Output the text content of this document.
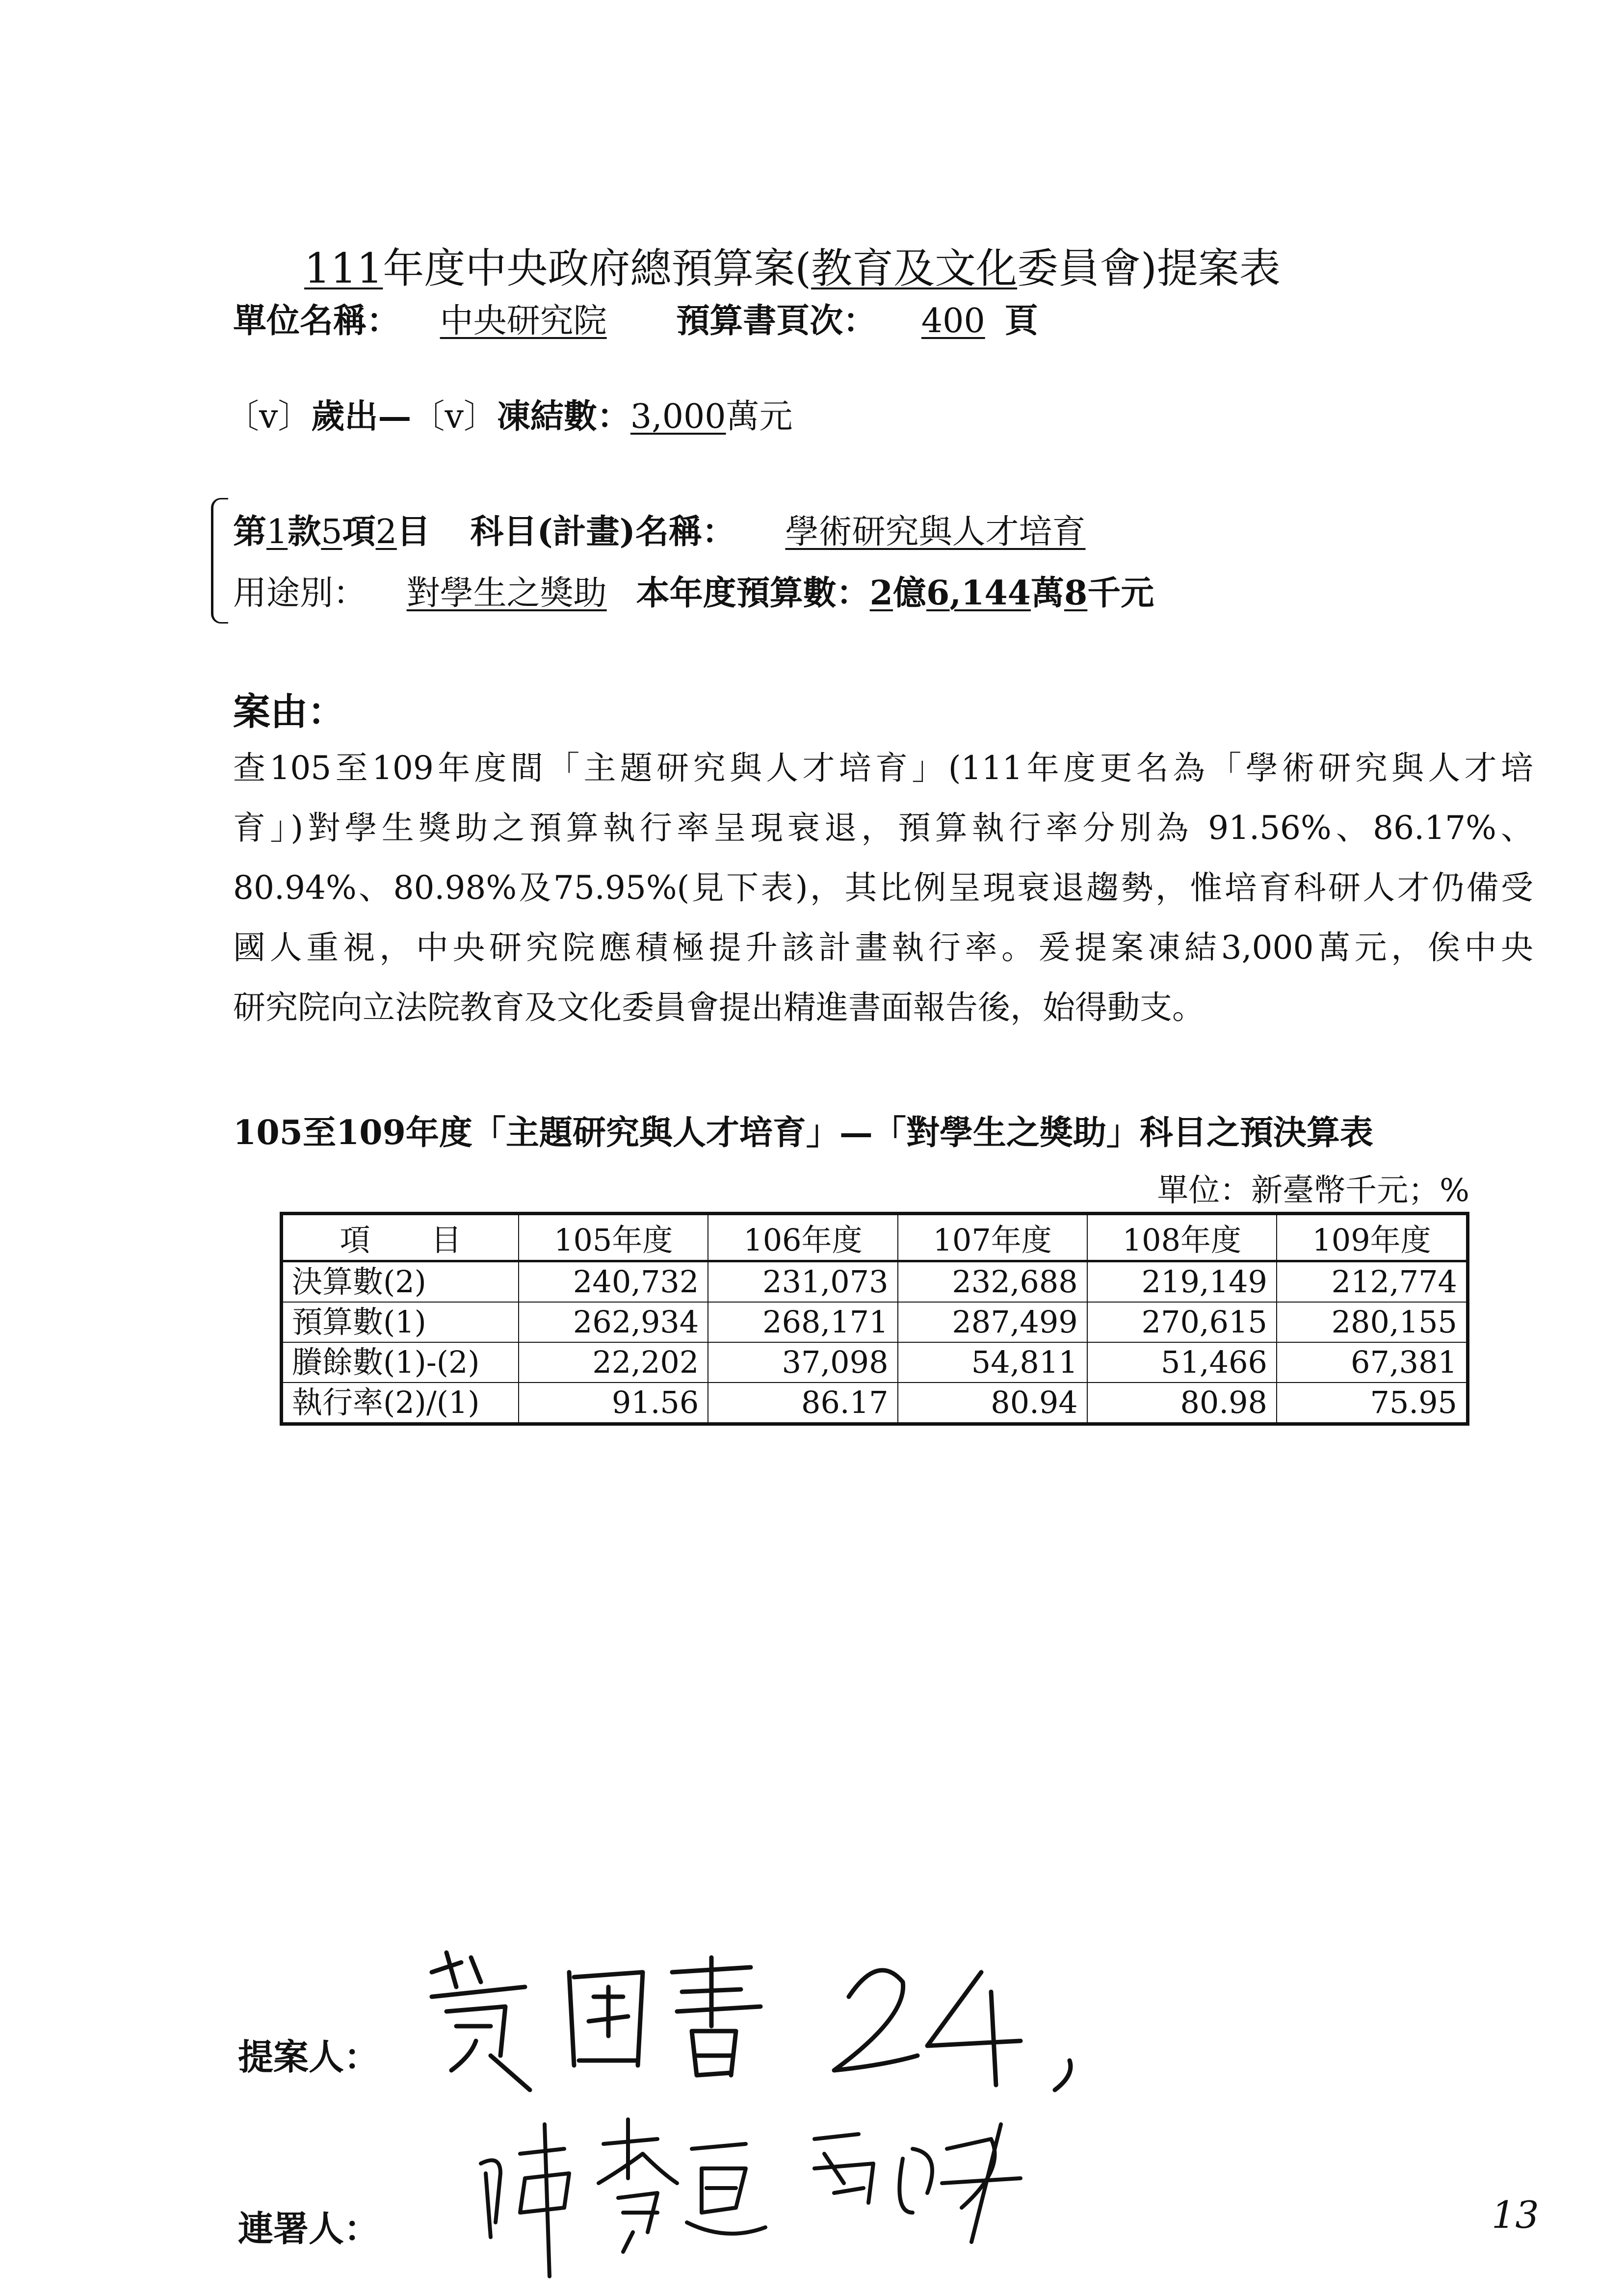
111年度中央政府總預算案(教育及文化委員會)提案表
單位名稱： 中央研究院 預算書頁次： 400 頁
〔v〕歲出—〔v〕凍結數：3,000萬元
第1款5項2目 科目(計畫)名稱： 學術研究與人才培育
用途別： 對學生之獎助 本年度預算數：2億6,144萬8千元
案由：
查105至109年度間「主題研究與人才培育」(111年度更名為「學術研究與人才培
育」)對學生獎助之預算執行率呈現衰退，預算執行率分別為 91.56%、86.17%、
80.94%、80.98%及75.95%(見下表)，其比例呈現衰退趨勢，惟培育科研人才仍備受
國人重視，中央研究院應積極提升該計畫執行率。爰提案凍結3,000萬元，俟中央
研究院向立法院教育及文化委員會提出精進書面報告後，始得動支。
105至109年度「主題研究與人才培育」—「對學生之獎助」科目之預決算表
單位：新臺幣千元；%
項　　目	105年度	106年度	107年度	108年度	109年度
決算數(2)	240,732	231,073	232,688	219,149	212,774
預算數(1)	262,934	268,171	287,499	270,615	280,155
賸餘數(1)-(2)	22,202	37,098	54,811	51,466	67,381
執行率(2)/(1)	91.56	86.17	80.94	80.98	75.95
提案人：
連署人：	13
